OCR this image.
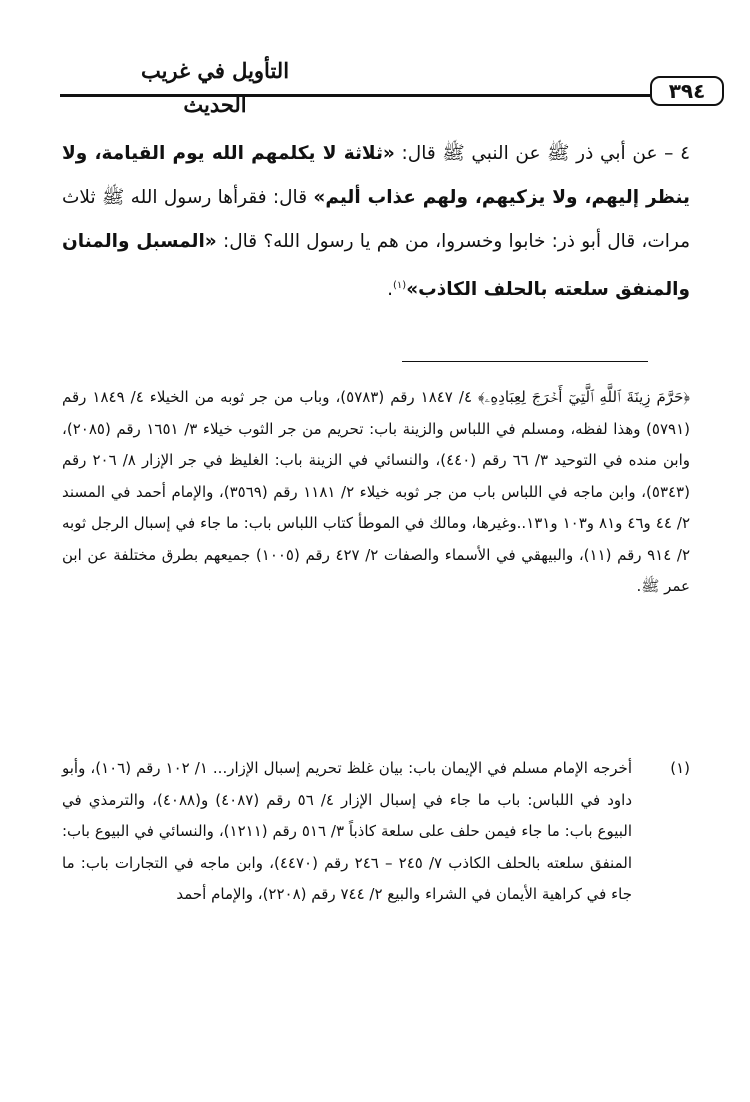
التأويل في غريب الحديث
٣٩٤

٤ – عن أبي ذر ﷺ عن النبي ﷺ قال: «ثلاثة لا يكلمهم الله يوم القيامة، ولا ينظر إليهم، ولا يزكيهم، ولهم عذاب أليم» قال: فقرأها رسول الله ﷺ ثلاث مرات، قال أبو ذر: خابوا وخسروا، من هم يا رسول الله؟ قال: «المسبل والمنان والمنفق سلعته بالحلف الكاذب»$^{(١)}$.

﴿حَرَّمَ زِينَةَ ٱللَّهِ ٱلَّتِيٓ أَخۡرَجَ لِعِبَادِهِۦ﴾ ٤/ ١٨٤٧ رقم (٥٧٨٣)، وباب من جر ثوبه من الخيلاء ٤/ ١٨٤٩ رقم (٥٧٩١) وهذا لفظه، ومسلم في اللباس والزينة باب: تحريم من جر الثوب خيلاء ٣/ ١٦٥١ رقم (٢٠٨٥)، وابن منده في التوحيد ٣/ ٦٦ رقم (٤٤٠)، والنسائي في الزينة باب: الغليظ في جر الإزار ٨/ ٢٠٦ رقم (٥٣٤٣)، وابن ماجه في اللباس باب من جر ثوبه خيلاء ٢/ ١١٨١ رقم (٣٥٦٩)، والإمام أحمد في المسند ٢/ ٤٤ و٤٦ و٨١ و١٠٣ و١٣١..وغيرها، ومالك في الموطأ كتاب اللباس باب: ما جاء في إسبال الرجل ثوبه ٢/ ٩١٤ رقم (١١)، والبيهقي في الأسماء والصفات ٢/ ٤٢٧ رقم (١٠٠٥) جميعهم بطرق مختلفة عن ابن عمر ﷺ.

(١)
أخرجه الإمام مسلم في الإيمان باب: بيان غلظ تحريم إسبال الإزار... ١/ ١٠٢ رقم (١٠٦)، وأبو داود في اللباس: باب ما جاء في إسبال الإزار ٤/ ٥٦ رقم (٤٠٨٧) و(٤٠٨٨)، والترمذي في البيوع باب: ما جاء فيمن حلف على سلعة كاذباً ٣/ ٥١٦ رقم (١٢١١)، والنسائي في البيوع باب: المنفق سلعته بالحلف الكاذب ٧/ ٢٤٥ – ٢٤٦ رقم (٤٤٧٠)، وابن ماجه في التجارات باب: ما جاء في كراهية الأيمان في الشراء والبيع ٢/ ٧٤٤ رقم (٢٢٠٨)، والإمام أحمد
